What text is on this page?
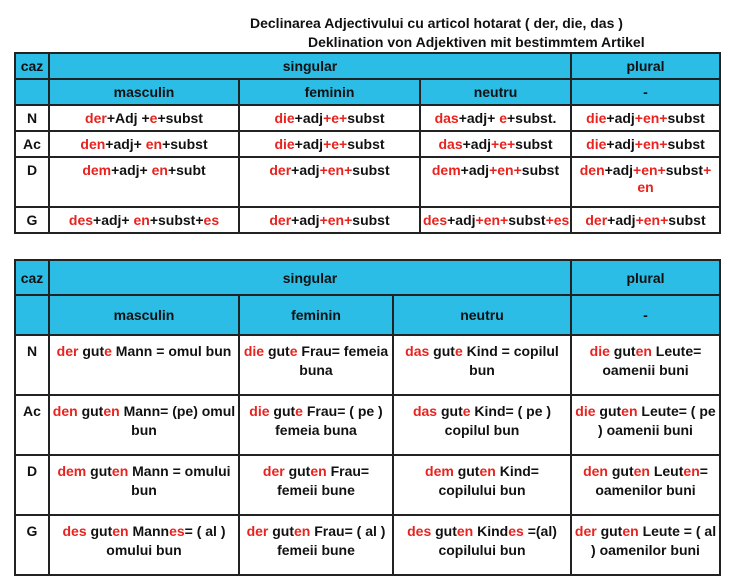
Declinarea Adjectivului cu articol hotarat ( der, die, das )
Deklination von Adjektiven mit bestimmtem Artikel
caz	singular			plural
	masculin	feminin	neutru	-
N	der+Adj +e+subst	die+adj+e+subst	das+adj+ e+subst.	die+adj+en+subst
Ac	den+adj+ en+subst	die+adj+e+subst	das+adj+e+subst	die+adj+en+subst
D	dem+adj+ en+subt	der+adj+en+subst	dem+adj+en+subst	den+adj+en+subst+ en
G	des+adj+ en+subst+es	der+adj+en+subst	des+adj+en+subst+es	der+adj+en+subst
caz	singular			plural
	masculin	feminin	neutru	-
N	der gute Mann = omul bun	die gute Frau= femeia buna	das gute Kind = copilul bun	die guten Leute= oamenii buni
Ac	den guten Mann= (pe) omul bun	die gute Frau= ( pe ) femeia buna	das gute Kind= ( pe ) copilul bun	die guten Leute= ( pe ) oamenii buni
D	dem guten Mann = omului bun	der guten Frau= femeii bune	dem guten Kind= copilului bun	den guten Leuten= oamenilor buni
G	des guten Mannes= ( al ) omului bun	der guten Frau= ( al ) femeii bune	des guten Kindes =(al) copilului bun	der guten Leute = ( al ) oamenilor buni
